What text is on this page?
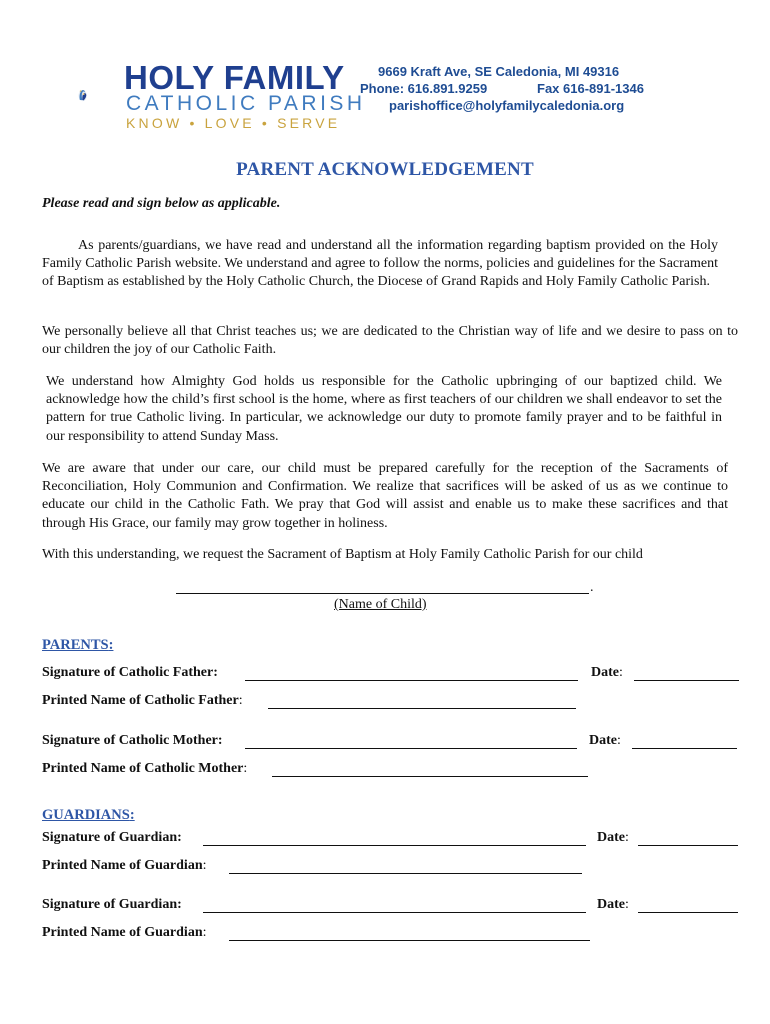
HOLY FAMILY
CATHOLIC PARISH
KNOW • LOVE • SERVE
9669 Kraft Ave, SE Caledonia, MI 49316
Phone: 616.891.9259	Fax 616-891-1346
parishoffice@holyfamilycaledonia.org
PARENT ACKNOWLEDGEMENT
Please read and sign below as applicable.
As parents/guardians, we have read and understand all the information regarding baptism provided on the Holy Family Catholic Parish website. We understand and agree to follow the norms, policies and guidelines for the Sacrament of Baptism as established by the Holy Catholic Church, the Diocese of Grand Rapids and Holy Family Catholic Parish.
We personally believe all that Christ teaches us; we are dedicated to the Christian way of life and we desire to pass on to our children the joy of our Catholic Faith.
We understand how Almighty God holds us responsible for the Catholic upbringing of our baptized child. We acknowledge how the child’s first school is the home, where as first teachers of our children we shall endeavor to set the pattern for true Catholic living. In particular, we acknowledge our duty to promote family prayer and to be faithful in our responsibility to attend Sunday Mass.
We are aware that under our care, our child must be prepared carefully for the reception of the Sacraments of Reconciliation, Holy Communion and Confirmation. We realize that sacrifices will be asked of us as we continue to educate our child in the Catholic Fath. We pray that God will assist and enable us to make these sacrifices and that through His Grace, our family may grow together in holiness.
With this understanding, we request the Sacrament of Baptism at Holy Family Catholic Parish for our child
.
(Name of Child)
PARENTS:
Signature of Catholic Father:	Date:
Printed Name of Catholic Father:
Signature of Catholic Mother:	Date:
Printed Name of Catholic Mother:
GUARDIANS:
Signature of Guardian:	Date:
Printed Name of Guardian:
Signature of Guardian:	Date:
Printed Name of Guardian:
